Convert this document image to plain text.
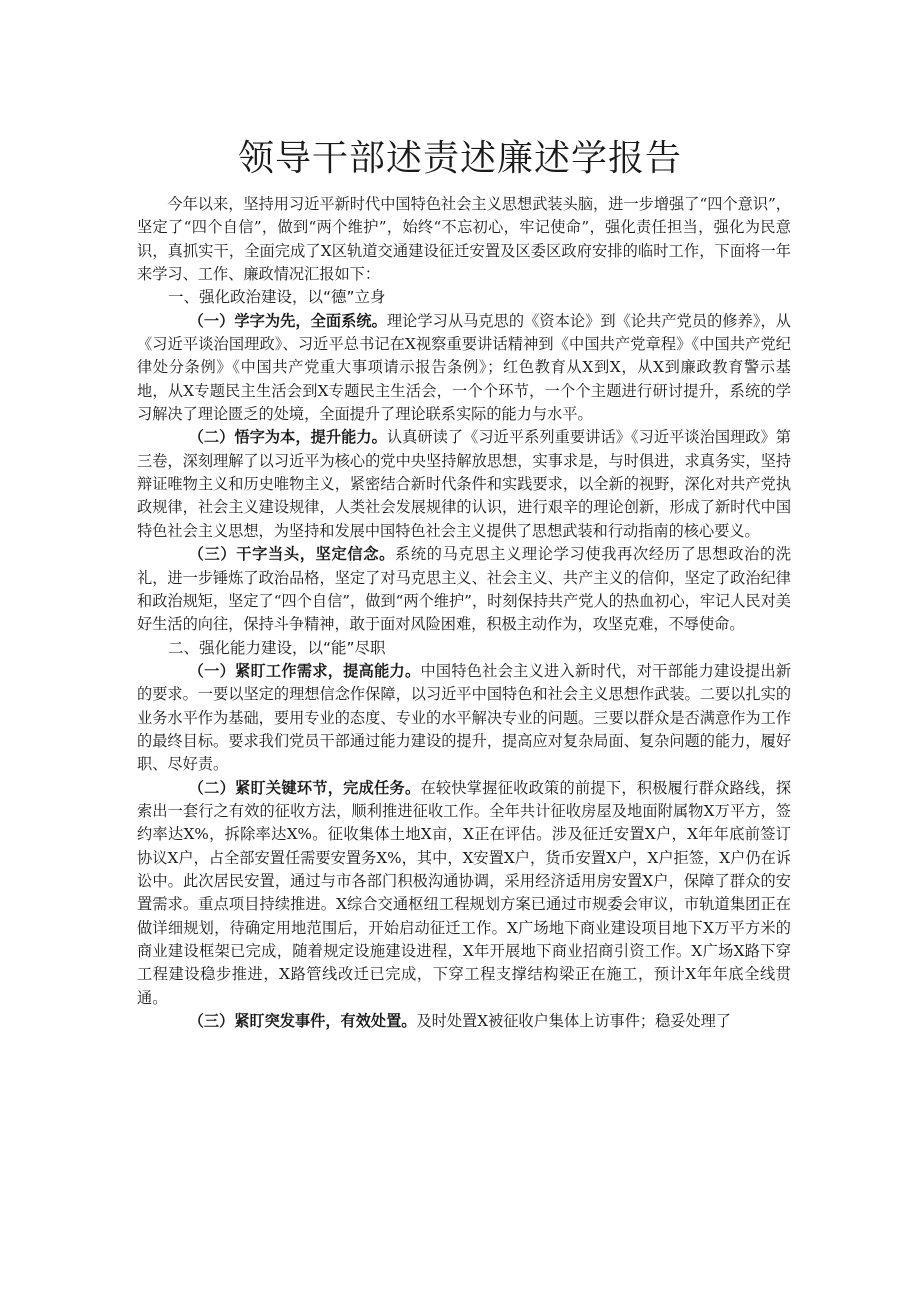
领导干部述责述廉述学报告

今年以来，坚持用习近平新时代中国特色社会主义思想武装头脑，进一步增强了“四个意识”，坚定了“四个自信”，做到“两个维护”，始终“不忘初心，牢记使命”，强化责任担当，强化为民意识，真抓实干，全面完成了X区轨道交通建设征迁安置及区委区政府安排的临时工作，下面将一年来学习、工作、廉政情况汇报如下：

一、强化政治建设，以“德”立身

（一）学字为先，全面系统。理论学习从马克思的《资本论》到《论共产党员的修养》，从《习近平谈治国理政》、习近平总书记在X视察重要讲话精神到《中国共产党章程》《中国共产党纪律处分条例》《中国共产党重大事项请示报告条例》；红色教育从X到X，从X到廉政教育警示基地，从X专题民主生活会到X专题民主生活会，一个个环节，一个个主题进行研讨提升，系统的学习解决了理论匮乏的处境，全面提升了理论联系实际的能力与水平。

（二）悟字为本，提升能力。认真研读了《习近平系列重要讲话》《习近平谈治国理政》第三卷，深刻理解了以习近平为核心的党中央坚持解放思想，实事求是，与时俱进，求真务实，坚持辩证唯物主义和历史唯物主义，紧密结合新时代条件和实践要求，以全新的视野，深化对共产党执政规律，社会主义建设规律，人类社会发展规律的认识，进行艰辛的理论创新，形成了新时代中国特色社会主义思想，为坚持和发展中国特色社会主义提供了思想武装和行动指南的核心要义。

（三）干字当头，坚定信念。系统的马克思主义理论学习使我再次经历了思想政治的洗礼，进一步锤炼了政治品格，坚定了对马克思主义、社会主义、共产主义的信仰，坚定了政治纪律和政治规矩，坚定了“四个自信”，做到“两个维护”，时刻保持共产党人的热血初心，牢记人民对美好生活的向往，保持斗争精神，敢于面对风险困难，积极主动作为，攻坚克难，不辱使命。

二、强化能力建设，以“能”尽职

（一）紧盯工作需求，提高能力。中国特色社会主义进入新时代，对干部能力建设提出新的要求。一要以坚定的理想信念作保障，以习近平中国特色和社会主义思想作武装。二要以扎实的业务水平作为基础，要用专业的态度、专业的水平解决专业的问题。三要以群众是否满意作为工作的最终目标。要求我们党员干部通过能力建设的提升，提高应对复杂局面、复杂问题的能力，履好职、尽好责。

（二）紧盯关键环节，完成任务。在较快掌握征收政策的前提下，积极履行群众路线，探索出一套行之有效的征收方法，顺利推进征收工作。全年共计征收房屋及地面附属物X万平方，签约率达X%，拆除率达X%。征收集体土地X亩，X正在评估。涉及征迁安置X户，X年年底前签订协议X户，占全部安置任需要安置务X%，其中，X安置X户，货币安置X户，X户拒签，X户仍在诉讼中。此次居民安置，通过与市各部门积极沟通协调，采用经济适用房安置X户，保障了群众的安置需求。重点项目持续推进。X综合交通枢纽工程规划方案已通过市规委会审议，市轨道集团正在做详细规划，待确定用地范围后，开始启动征迁工作。X广场地下商业建设项目地下X万平方米的商业建设框架已完成，随着规定设施建设进程，X年开展地下商业招商引资工作。X广场X路下穿工程建设稳步推进，X路管线改迁已完成，下穿工程支撑结构梁正在施工，预计X年年底全线贯通。

（三）紧盯突发事件，有效处置。及时处置X被征收户集体上访事件；稳妥处理了
